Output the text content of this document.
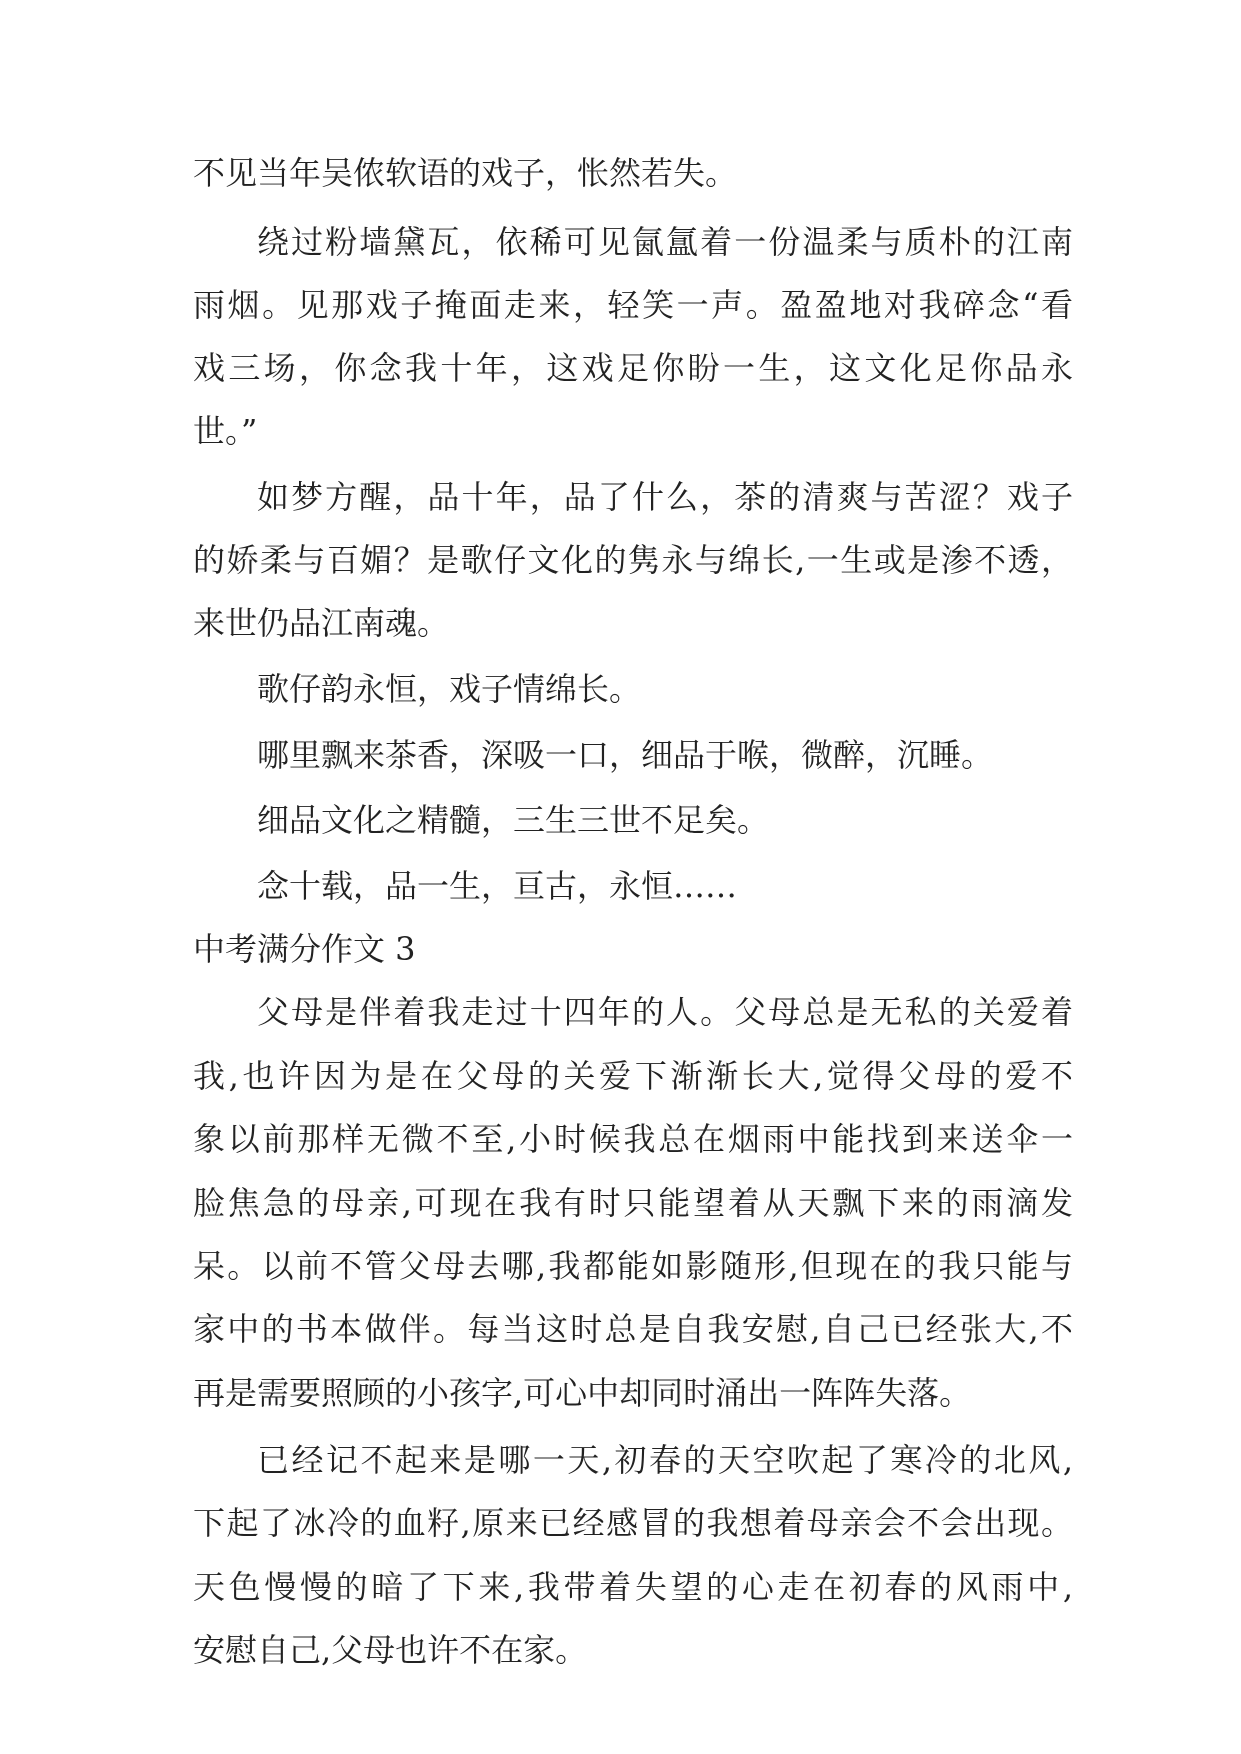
不见当年吴侬软语的戏子，怅然若失。
绕过粉墙黛瓦，依稀可见氤氲着一份温柔与质朴的江南
雨烟。见那戏子掩面走来，轻笑一声。盈盈地对我碎念“看
戏三场，你念我十年，这戏足你盼一生，这文化足你品永
世。”
如梦方醒，品十年，品了什么，茶的清爽与苦涩？戏子
的娇柔与百媚？是歌仔文化的隽永与绵长,一生或是渗不透，
来世仍品江南魂。
歌仔韵永恒，戏子情绵长。
哪里飘来茶香，深吸一口，细品于喉，微醉，沉睡。
细品文化之精髓，三生三世不足矣。
念十载，品一生，亘古，永恒……
中考满分作文 3
父母是伴着我走过十四年的人。父母总是无私的关爱着
我,也许因为是在父母的关爱下渐渐长大,觉得父母的爱不
象以前那样无微不至,小时候我总在烟雨中能找到来送伞一
脸焦急的母亲,可现在我有时只能望着从天飘下来的雨滴发
呆。以前不管父母去哪,我都能如影随形,但现在的我只能与
家中的书本做伴。每当这时总是自我安慰,自己已经张大,不
再是需要照顾的小孩字,可心中却同时涌出一阵阵失落。
已经记不起来是哪一天,初春的天空吹起了寒冷的北风,
下起了冰冷的血籽,原来已经感冒的我想着母亲会不会出现。
天色慢慢的暗了下来,我带着失望的心走在初春的风雨中,
安慰自己,父母也许不在家。
